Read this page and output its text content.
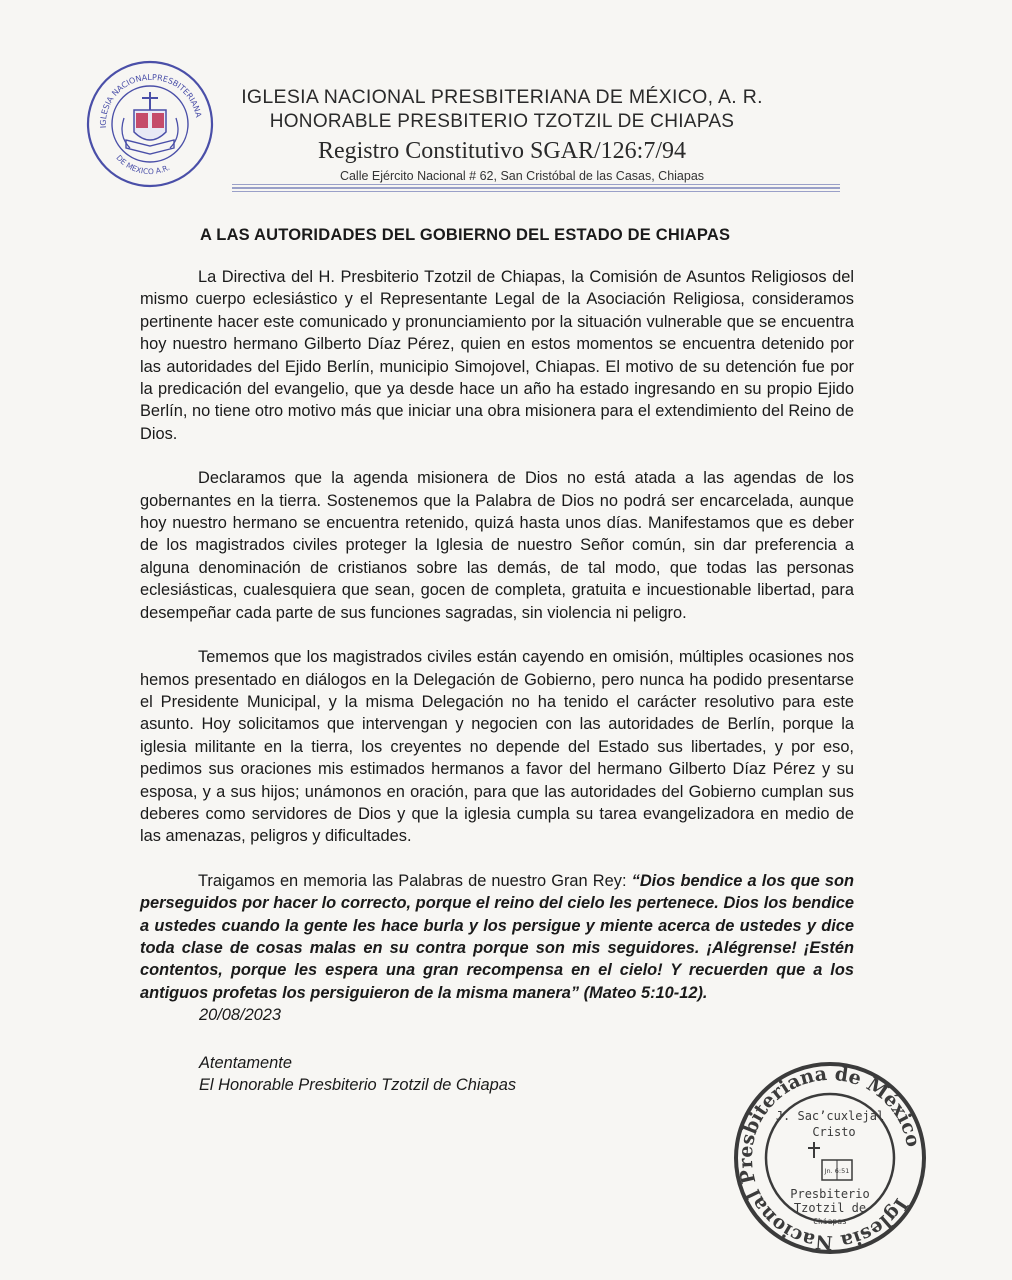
IGLESIA NACIONAL PRESBITERIANA
DE MEXICO A.R.
IGLESIA NACIONAL PRESBITERIANA DE MÉXICO, A. R.
HONORABLE PRESBITERIO TZOTZIL DE CHIAPAS
Registro Constitutivo SGAR/126:7/94
Calle Ejército Nacional # 62, San Cristóbal de las Casas, Chiapas
A LAS AUTORIDADES DEL GOBIERNO DEL ESTADO DE CHIAPAS

La Directiva del H. Presbiterio Tzotzil de Chiapas, la Comisión de Asuntos Religiosos del mismo cuerpo eclesiástico y el Representante Legal de la Asociación Religiosa, consideramos pertinente hacer este comunicado y pronunciamiento por la situación vulnerable que se encuentra hoy nuestro hermano Gilberto Díaz Pérez, quien en estos momentos se encuentra detenido por las autoridades del Ejido Berlín, municipio Simojovel, Chiapas. El motivo de su detención fue por la predicación del evangelio, que ya desde hace un año ha estado ingresando en su propio Ejido Berlín, no tiene otro motivo más que iniciar una obra misionera para el extendimiento del Reino de Dios.

Declaramos que la agenda misionera de Dios no está atada a las agendas de los gobernantes en la tierra. Sostenemos que la Palabra de Dios no podrá ser encarcelada, aunque hoy nuestro hermano se encuentra retenido, quizá hasta unos días. Manifestamos que es deber de los magistrados civiles proteger la Iglesia de nuestro Señor común, sin dar preferencia a alguna denominación de cristianos sobre las demás, de tal modo, que todas las personas eclesiásticas, cualesquiera que sean, gocen de completa, gratuita e incuestionable libertad, para desempeñar cada parte de sus funciones sagradas, sin violencia ni peligro.

Tememos que los magistrados civiles están cayendo en omisión, múltiples ocasiones nos hemos presentado en diálogos en la Delegación de Gobierno, pero nunca ha podido presentarse el Presidente Municipal, y la misma Delegación no ha tenido el carácter resolutivo para este asunto. Hoy solicitamos que intervengan y negocien con las autoridades de Berlín, porque la iglesia militante en la tierra, los creyentes no depende del Estado sus libertades, y por eso, pedimos sus oraciones mis estimados hermanos a favor del hermano Gilberto Díaz Pérez y su esposa, y a sus hijos; unámonos en oración, para que las autoridades del Gobierno cumplan sus deberes como servidores de Dios y que la iglesia cumpla su tarea evangelizadora en medio de las amenazas, peligros y dificultades.

Traigamos en memoria las Palabras de nuestro Gran Rey: “Dios bendice a los que son perseguidos por hacer lo correcto, porque el reino del cielo les pertenece. Dios los bendice a ustedes cuando la gente les hace burla y los persigue y miente acerca de ustedes y dice toda clase de cosas malas en su contra porque son mis seguidores. ¡Alégrense! ¡Estén contentos, porque les espera una gran recompensa en el cielo! Y recuerden que a los antiguos profetas los persiguieron de la misma manera” (Mateo 5:10-12).

20/08/2023
Atentamente
El Honorable Presbiterio Tzotzil de Chiapas
Iglesia Nacional Presbiteriana de México
J. Sac’cuxlejal
Cristo
Jn. 6:51
Presbiterio
Tzotzil de
Chiapas
